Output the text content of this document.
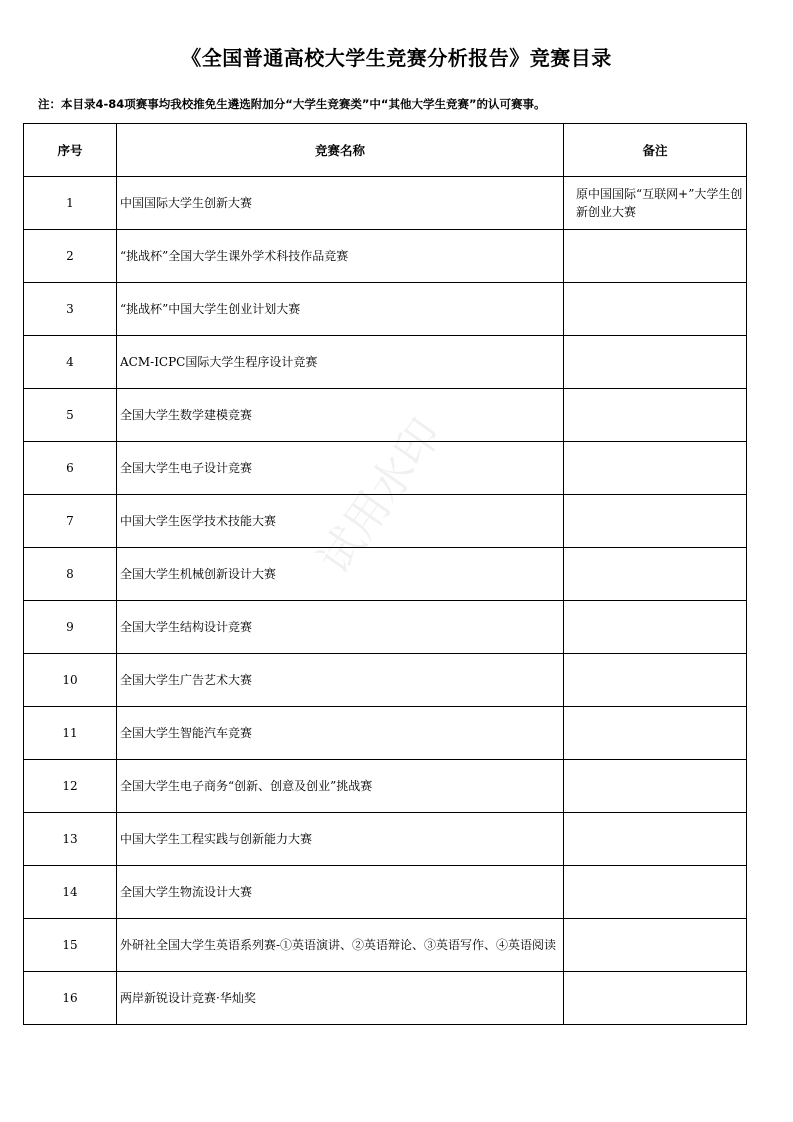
《全国普通高校大学生竞赛分析报告》竞赛目录
注：本目录4-84项赛事均我校推免生遴选附加分“大学生竞赛类”中“其他大学生竞赛”的认可赛事。
序号	竞赛名称	备注
1	中国国际大学生创新大赛	原中国国际“互联网+”大学生创新创业大赛
2	“挑战杯”全国大学生课外学术科技作品竞赛	
3	“挑战杯”中国大学生创业计划大赛	
4	ACM-ICPC国际大学生程序设计竞赛	
5	全国大学生数学建模竞赛	
6	全国大学生电子设计竞赛	
7	中国大学生医学技术技能大赛	
8	全国大学生机械创新设计大赛	
9	全国大学生结构设计竞赛	
10	全国大学生广告艺术大赛	
11	全国大学生智能汽车竞赛	
12	全国大学生电子商务“创新、创意及创业”挑战赛	
13	中国大学生工程实践与创新能力大赛	
14	全国大学生物流设计大赛	
15	外研社全国大学生英语系列赛-①英语演讲、②英语辩论、③英语写作、④英语阅读	
16	两岸新锐设计竞赛·华灿奖	
试用水印
